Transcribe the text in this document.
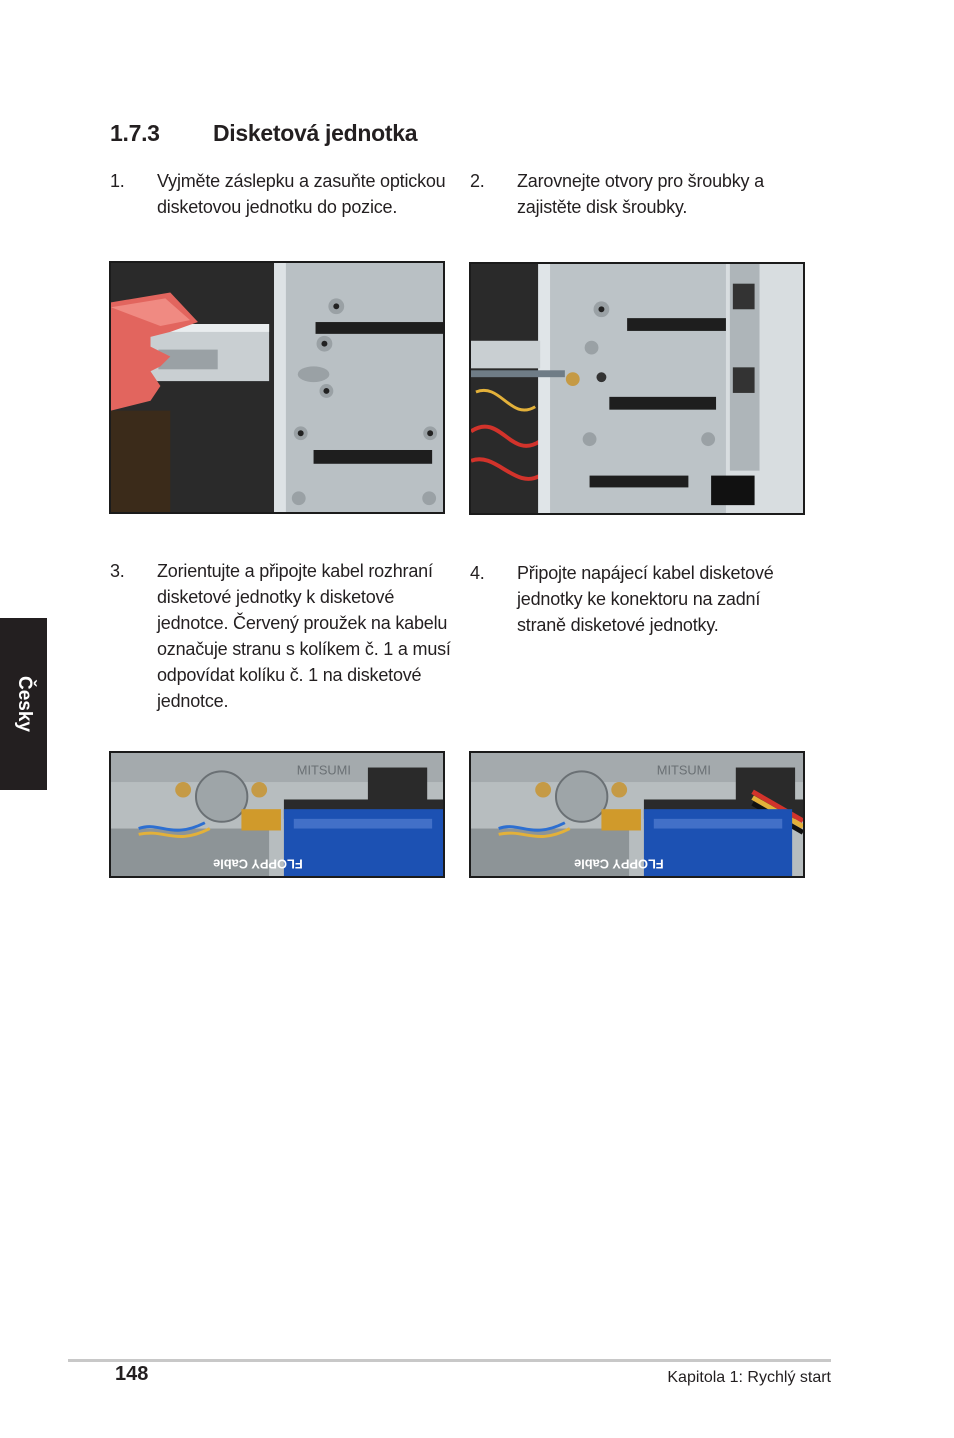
1.7.3 Disketová jednotka
1. Vyjměte záslepku a zasuňte optickou disketovou jednotku do pozice.
2. Zarovnejte otvory pro šroubky a zajistěte disk šroubky.
3. Zorientujte a připojte kabel rozhraní disketové jednotky k disketové jednotce. Červený proužek na kabelu označuje stranu s kolíkem č. 1 a musí odpovídat kolíku č. 1 na disketové jednotce.
4. Připojte napájecí kabel disketové jednotky ke konektoru na zadní straně disketové jednotky.
MITSUMI
FLOPPY Cable
MITSUMI
FLOPPY Cable
Česky
148	Kapitola 1: Rychlý start
